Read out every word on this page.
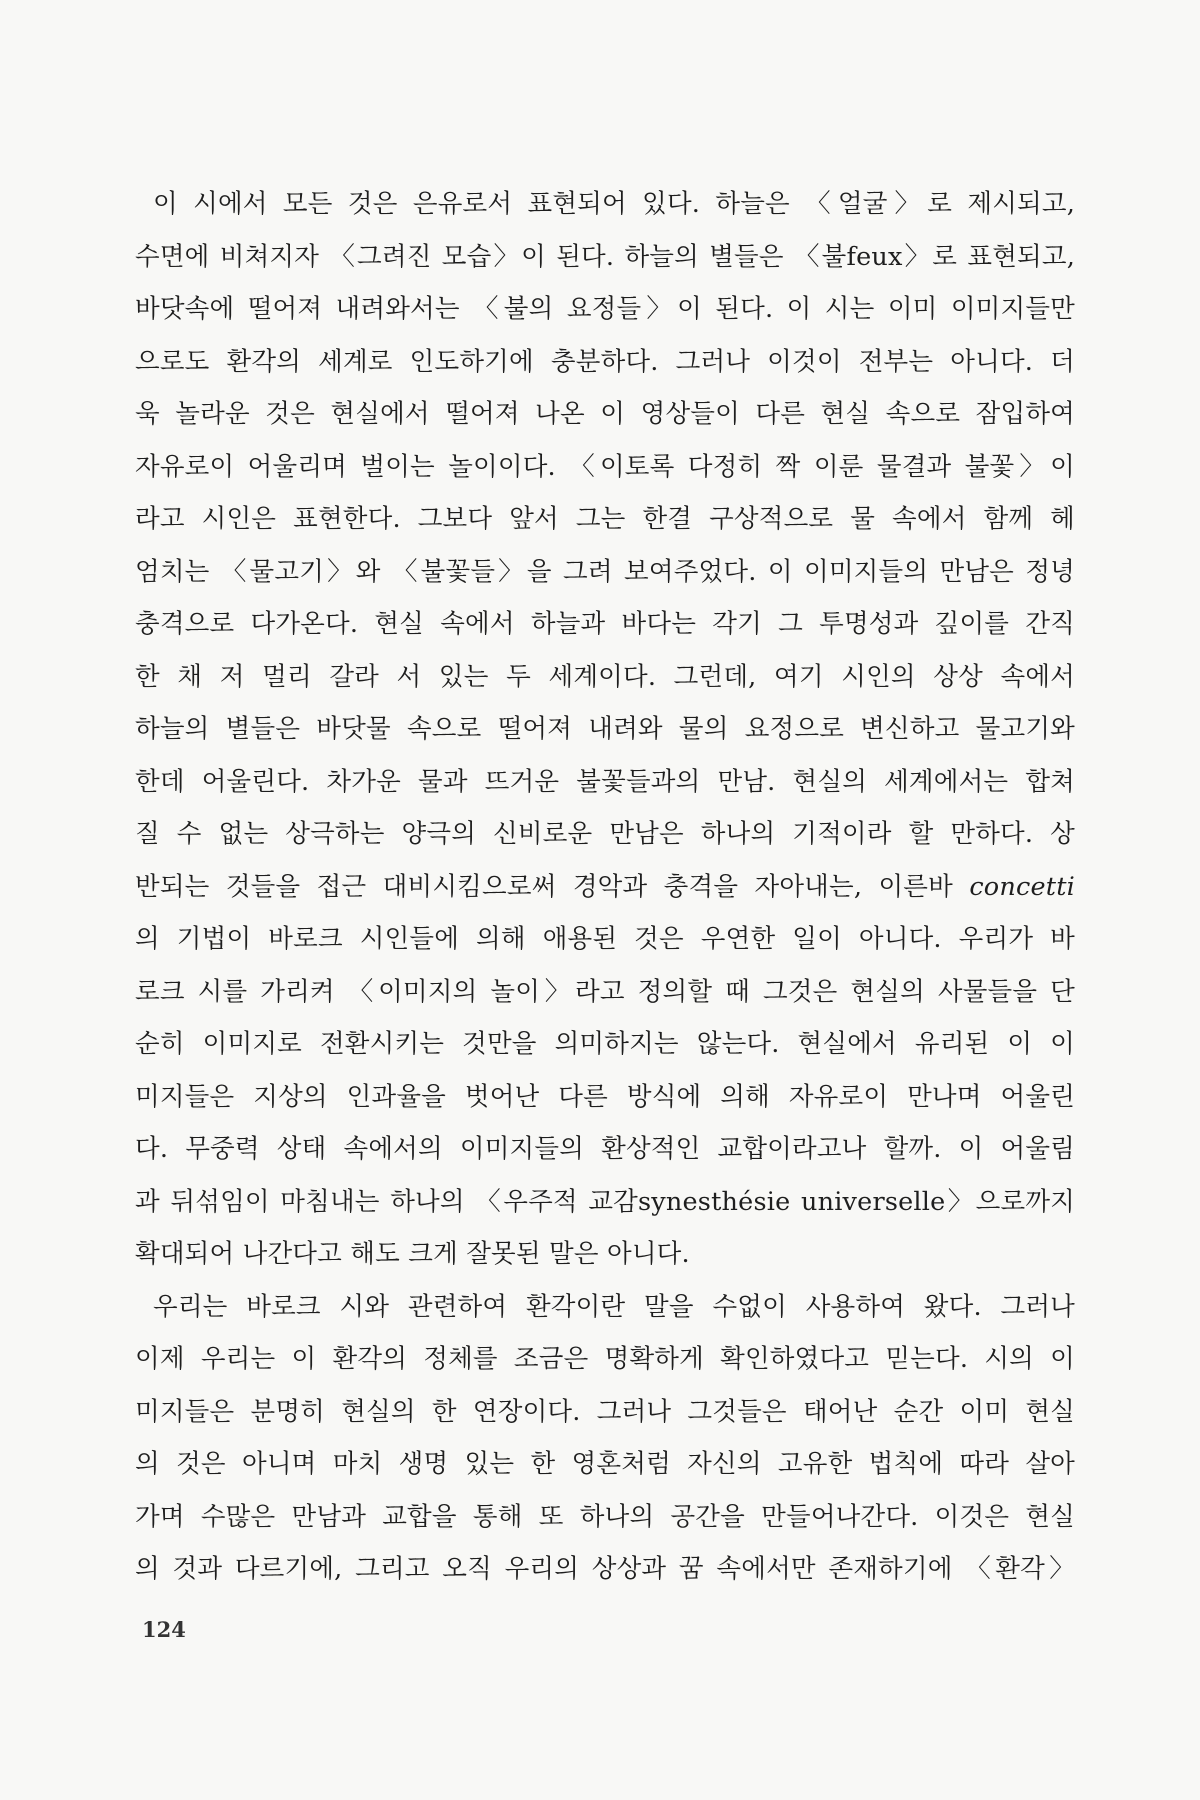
이 시에서 모든 것은 은유로서 표현되어 있다. 하늘은 〈얼굴〉로 제시되고,
수면에 비쳐지자 〈그려진 모습〉이 된다. 하늘의 별들은 〈불feux〉로 표현되고,
바닷속에 떨어져 내려와서는 〈불의 요정들〉이 된다. 이 시는 이미 이미지들만
으로도 환각의 세계로 인도하기에 충분하다. 그러나 이것이 전부는 아니다. 더
욱 놀라운 것은 현실에서 떨어져 나온 이 영상들이 다른 현실 속으로 잠입하여
자유로이 어울리며 벌이는 놀이이다. 〈이토록 다정히 짝 이룬 물결과 불꽃〉이
라고 시인은 표현한다. 그보다 앞서 그는 한결 구상적으로 물 속에서 함께 헤
엄치는 〈물고기〉와 〈불꽃들〉을 그려 보여주었다. 이 이미지들의 만남은 정녕
충격으로 다가온다. 현실 속에서 하늘과 바다는 각기 그 투명성과 깊이를 간직
한 채 저 멀리 갈라 서 있는 두 세계이다. 그런데, 여기 시인의 상상 속에서
하늘의 별들은 바닷물 속으로 떨어져 내려와 물의 요정으로 변신하고 물고기와
한데 어울린다. 차가운 물과 뜨거운 불꽃들과의 만남. 현실의 세계에서는 합쳐
질 수 없는 상극하는 양극의 신비로운 만남은 하나의 기적이라 할 만하다. 상
반되는 것들을 접근 대비시킴으로써 경악과 충격을 자아내는, 이른바 concetti
의 기법이 바로크 시인들에 의해 애용된 것은 우연한 일이 아니다. 우리가 바
로크 시를 가리켜 〈이미지의 놀이〉라고 정의할 때 그것은 현실의 사물들을 단
순히 이미지로 전환시키는 것만을 의미하지는 않는다. 현실에서 유리된 이 이
미지들은 지상의 인과율을 벗어난 다른 방식에 의해 자유로이 만나며 어울린
다. 무중력 상태 속에서의 이미지들의 환상적인 교합이라고나 할까. 이 어울림
과 뒤섞임이 마침내는 하나의 〈우주적 교감synesthésie universelle〉으로까지
확대되어 나간다고 해도 크게 잘못된 말은 아니다.
우리는 바로크 시와 관련하여 환각이란 말을 수없이 사용하여 왔다. 그러나
이제 우리는 이 환각의 정체를 조금은 명확하게 확인하였다고 믿는다. 시의 이
미지들은 분명히 현실의 한 연장이다. 그러나 그것들은 태어난 순간 이미 현실
의 것은 아니며 마치 생명 있는 한 영혼처럼 자신의 고유한 법칙에 따라 살아
가며 수많은 만남과 교합을 통해 또 하나의 공간을 만들어나간다. 이것은 현실
의 것과 다르기에, 그리고 오직 우리의 상상과 꿈 속에서만 존재하기에 〈환각〉
124
